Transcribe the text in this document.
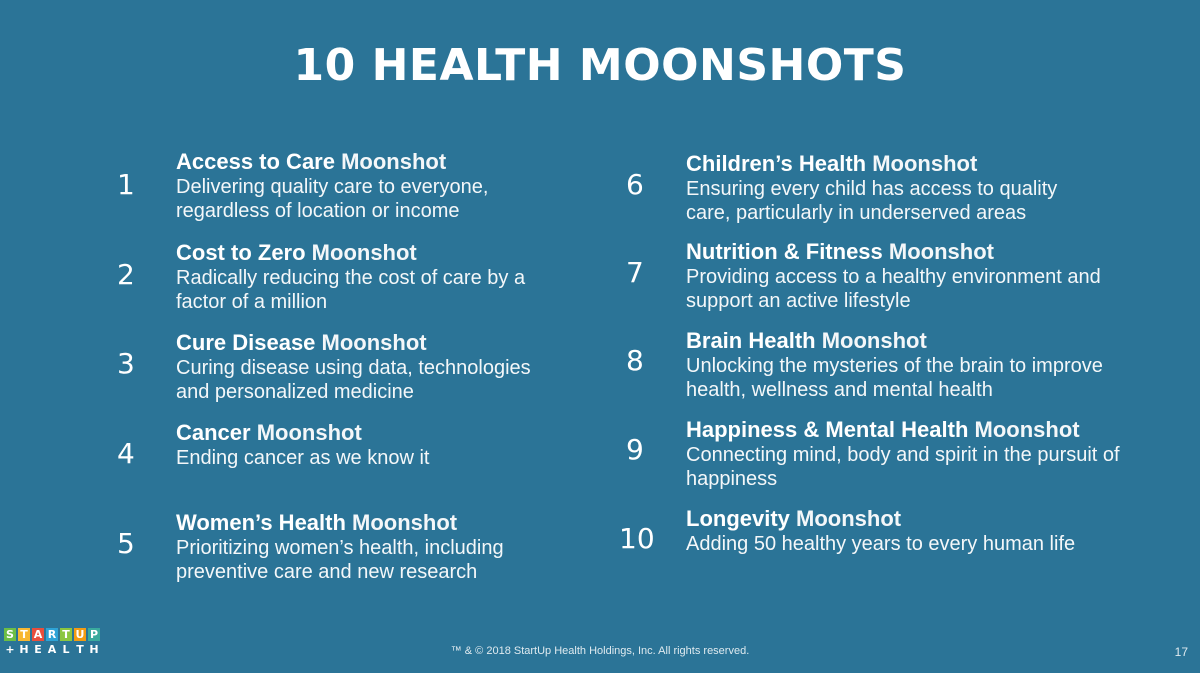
10 HEALTH MOONSHOTS
1
Access to Care Moonshot
Delivering quality care to everyone, regardless of location or income
2
Cost to Zero Moonshot
Radically reducing the cost of care by a factor of a million
3
Cure Disease Moonshot
Curing disease using data, technologies and personalized medicine
4
Cancer Moonshot
Ending cancer as we know it
5
Women’s Health Moonshot
Prioritizing women’s health, including preventive care and new research
6
Children’s Health Moonshot
Ensuring every child has access to quality care, particularly in underserved areas
7
Nutrition & Fitness Moonshot
Providing access to a healthy environment and support an active lifestyle
8
Brain Health Moonshot
Unlocking the mysteries of the brain to improve health, wellness and mental health
9
Happiness & Mental Health Moonshot
Connecting mind, body and spirit in the pursuit of happiness
10
Longevity Moonshot
Adding 50 healthy years to every human life
S T A R T U P
+ H E A L T H	™ & © 2018 StartUp Health Holdings, Inc. All rights reserved.	17
